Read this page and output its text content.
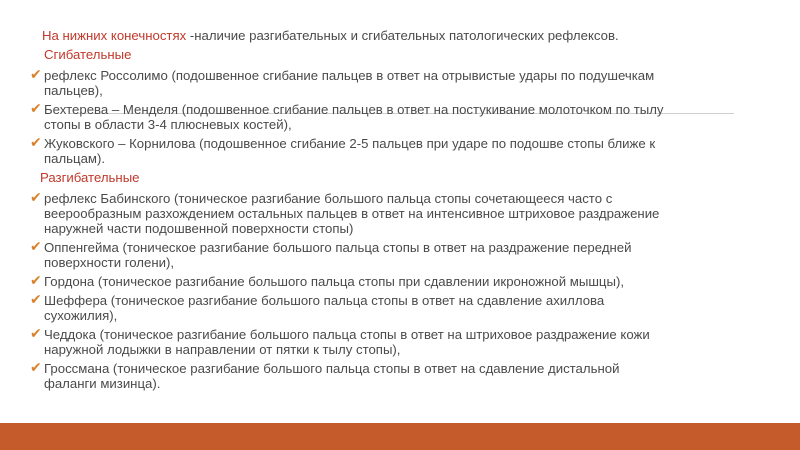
На нижних конечностях -наличие разгибательных и сгибательных патологических рефлексов.
Сгибательные
✔ рефлекс Россолимо (подошвенное сгибание пальцев в ответ на отрывистые удары по подушечкам
пальцев),
✔ Бехтерева – Менделя (подошвенное сгибание пальцев в ответ на постукивание молоточком по тылу
стопы в области 3-4 плюсневых костей),
✔ Жуковского – Корнилова (подошвенное сгибание 2-5 пальцев при ударе по подошве стопы ближе к
пальцам).
Разгибательные
✔ рефлекс Бабинского (тоническое разгибание большого пальца стопы сочетающееся часто с
веерообразным разхождением остальных пальцев в ответ на интенсивное штриховое раздражение
наружней части подошвенной поверхности стопы)
✔ Оппенгейма (тоническое разгибание большого пальца стопы в ответ на раздражение передней
поверхности голени),
✔ Гордона (тоническое разгибание большого пальца стопы при сдавлении икроножной мышцы),
✔ Шеффера (тоническое разгибание большого пальца стопы в ответ на сдавление ахиллова
сухожилия),
✔ Чеддока (тоническое разгибание большого пальца стопы в ответ на штриховое раздражение кожи
наружной лодыжки в направлении от пятки к тылу стопы),
✔ Гроссмана (тоническое разгибание большого пальца стопы в ответ на сдавление дистальной
фаланги мизинца).
